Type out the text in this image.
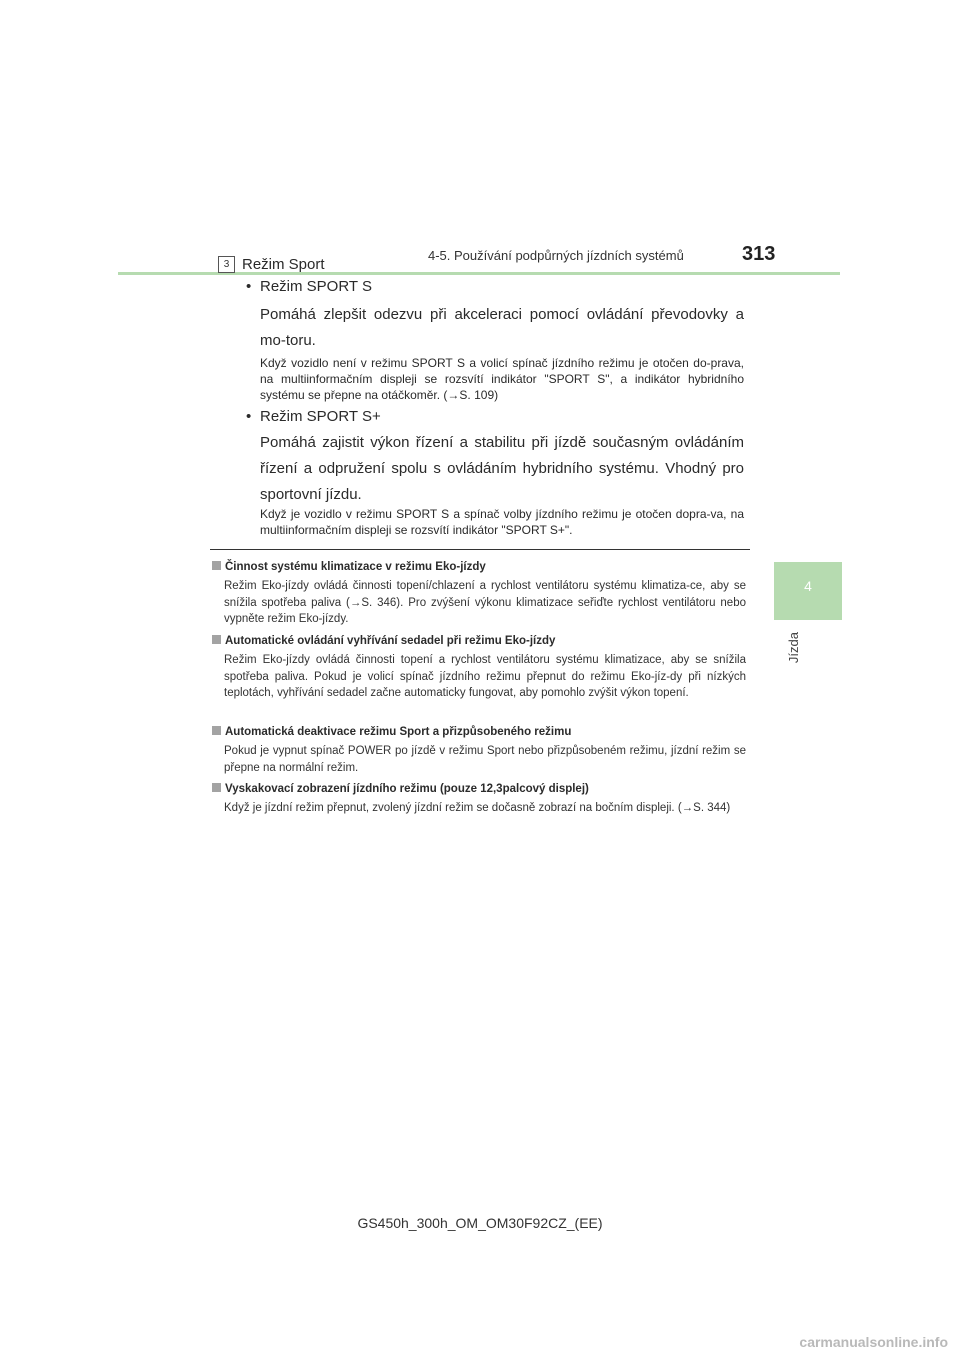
4-5. Používání podpůrných jízdních systémů	313
4
Jízda
3 Režim Sport
• Režim SPORT S
Pomáhá zlepšit odezvu při akceleraci pomocí ovládání převodovky a mo-toru.
Když vozidlo není v režimu SPORT S a volicí spínač jízdního režimu je otočen do-prava, na multiinformačním displeji se rozsvítí indikátor "SPORT S", a indikátor hybridního systému se přepne na otáčkoměr. (→S. 109)
• Režim SPORT S+
Pomáhá zajistit výkon řízení a stabilitu při jízdě současným ovládáním řízení a odpružení spolu s ovládáním hybridního systému. Vhodný pro sportovní jízdu.
Když je vozidlo v režimu SPORT S a spínač volby jízdního režimu je otočen dopra-va, na multiinformačním displeji se rozsvítí indikátor "SPORT S+".
Činnost systému klimatizace v režimu Eko-jízdy
Režim Eko-jízdy ovládá činnosti topení/chlazení a rychlost ventilátoru systému klimatiza-ce, aby se snížila spotřeba paliva (→S. 346). Pro zvýšení výkonu klimatizace seřiďte rychlost ventilátoru nebo vypněte režim Eko-jízdy.
Automatické ovládání vyhřívání sedadel při režimu Eko-jízdy
Režim Eko-jízdy ovládá činnosti topení a rychlost ventilátoru systému klimatizace, aby se snížila spotřeba paliva. Pokud je volicí spínač jízdního režimu přepnut do režimu Eko-jíz-dy při nízkých teplotách, vyhřívání sedadel začne automaticky fungovat, aby pomohlo zvýšit výkon topení.
Automatická deaktivace režimu Sport a přizpůsobeného režimu
Pokud je vypnut spínač POWER po jízdě v režimu Sport nebo přizpůsobeném režimu, jízdní režim se přepne na normální režim.
Vyskakovací zobrazení jízdního režimu (pouze 12,3palcový displej)
Když je jízdní režim přepnut, zvolený jízdní režim se dočasně zobrazí na bočním displeji. (→S. 344)
GS450h_300h_OM_OM30F92CZ_(EE)
carmanualsonline.info
